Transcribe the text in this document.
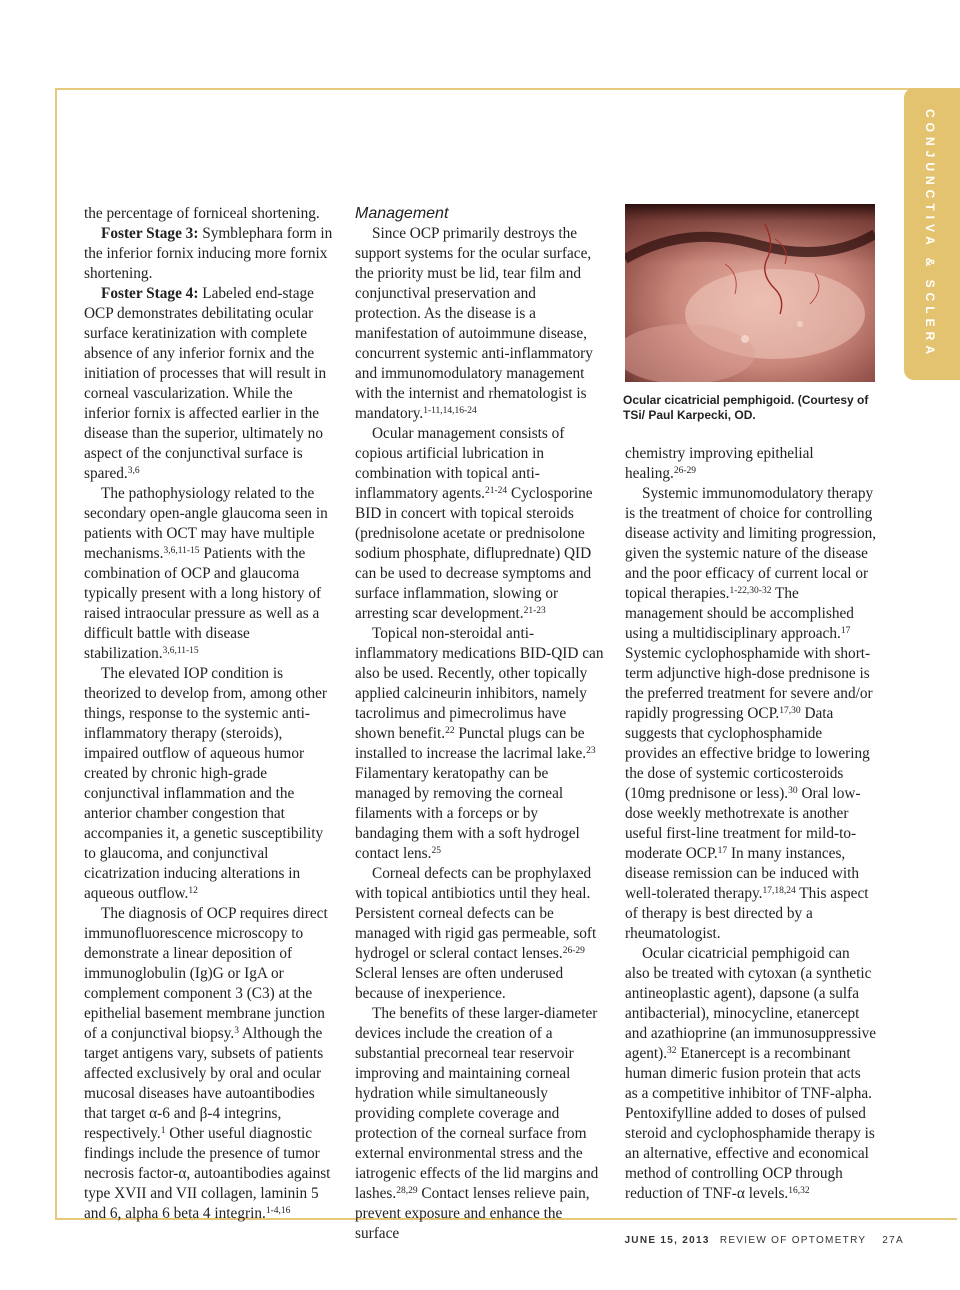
CONJUNCTIVA & SCLERA

the percentage of forniceal shortening.

Foster Stage 3: Symblephara form in the inferior fornix inducing more fornix shortening.

Foster Stage 4: Labeled end-stage OCP demonstrates debilitating ocular surface keratinization with complete absence of any inferior fornix and the initiation of processes that will result in corneal vascularization. While the inferior fornix is affected earlier in the disease than the superior, ultimately no aspect of the conjunctival surface is spared.$^{3,6}$

The pathophysiology related to the secondary open-angle glaucoma seen in patients with OCT may have multiple mechanisms.$^{3,6,11-15}$ Patients with the combination of OCP and glaucoma typically present with a long history of raised intraocular pressure as well as a difficult battle with disease stabilization.$^{3,6,11-15}$

The elevated IOP condition is theorized to develop from, among other things, response to the systemic anti-inflammatory therapy (steroids), impaired outflow of aqueous humor created by chronic high-grade conjunctival inflammation and the anterior chamber congestion that accompanies it, a genetic susceptibility to glaucoma, and conjunctival cicatrization inducing alterations in aqueous outflow.$^{12}$

The diagnosis of OCP requires direct immunofluorescence microscopy to demonstrate a linear deposition of immunoglobulin (Ig)G or IgA or complement component 3 (C3) at the epithelial basement membrane junction of a conjunctival biopsy.$^3$ Although the target antigens vary, subsets of patients affected exclusively by oral and ocular mucosal diseases have autoantibodies that target α-6 and β-4 integrins, respectively.$^1$ Other useful diagnostic findings include the presence of tumor necrosis factor-α, autoantibodies against type XVII and VII collagen, laminin 5 and 6, alpha 6 beta 4 integrin.$^{1-4,16}$

Management

Since OCP primarily destroys the support systems for the ocular surface, the priority must be lid, tear film and conjunctival preservation and protection. As the disease is a manifestation of autoimmune disease, concurrent systemic anti-inflammatory and immunomodulatory management with the internist and rhematologist is mandatory.$^{1-11,14,16-24}$

Ocular management consists of copious artificial lubrication in combination with topical anti-inflammatory agents.$^{21-24}$ Cyclosporine BID in concert with topical steroids (prednisolone acetate or prednisolone sodium phosphate, difluprednate) QID can be used to decrease symptoms and surface inflammation, slowing or arresting scar development.$^{21-23}$

Topical non-steroidal anti-inflammatory medications BID-QID can also be used. Recently, other topically applied calcineurin inhibitors, namely tacrolimus and pimecrolimus have shown benefit.$^{22}$ Punctal plugs can be installed to increase the lacrimal lake.$^{23}$ Filamentary keratopathy can be managed by removing the corneal filaments with a forceps or by bandaging them with a soft hydrogel contact lens.$^{25}$

Corneal defects can be prophylaxed with topical antibiotics until they heal. Persistent corneal defects can be managed with rigid gas permeable, soft hydrogel or scleral contact lenses.$^{26-29}$ Scleral lenses are often underused because of inexperience.

The benefits of these larger-diameter devices include the creation of a substantial precorneal tear reservoir improving and maintaining corneal hydration while simultaneously providing complete coverage and protection of the corneal surface from external environmental stress and the iatrogenic effects of the lid margins and lashes.$^{28,29}$ Contact lenses relieve pain, prevent exposure and enhance the surface

Ocular cicatricial pemphigoid. (Courtesy of TSi/ Paul Karpecki, OD.

chemistry improving epithelial healing.$^{26-29}$

Systemic immunomodulatory therapy is the treatment of choice for controlling disease activity and limiting progression, given the systemic nature of the disease and the poor efficacy of current local or topical therapies.$^{1-22,30-32}$ The management should be accomplished using a multidisciplinary approach.$^{17}$ Systemic cyclophosphamide with short-term adjunctive high-dose prednisone is the preferred treatment for severe and/or rapidly progressing OCP.$^{17,30}$ Data suggests that cyclophosphamide provides an effective bridge to lowering the dose of systemic corticosteroids (10mg prednisone or less).$^{30}$ Oral low-dose weekly methotrexate is another useful first-line treatment for mild-to-moderate OCP.$^{17}$ In many instances, disease remission can be induced with well-tolerated therapy.$^{17,18,24}$ This aspect of therapy is best directed by a rheumatologist.

Ocular cicatricial pemphigoid can also be treated with cytoxan (a synthetic antineoplastic agent), dapsone (a sulfa antibacterial), minocycline, etanercept and azathioprine (an immunosuppressive agent).$^{32}$ Etanercept is a recombinant human dimeric fusion protein that acts as a competitive inhibitor of TNF-alpha. Pentoxifylline added to doses of pulsed steroid and cyclophosphamide therapy is an alternative, effective and economical method of controlling OCP through reduction of TNF-α levels.$^{16,32}$

JUNE 15, 2013 REVIEW OF OPTOMETRY 27A
